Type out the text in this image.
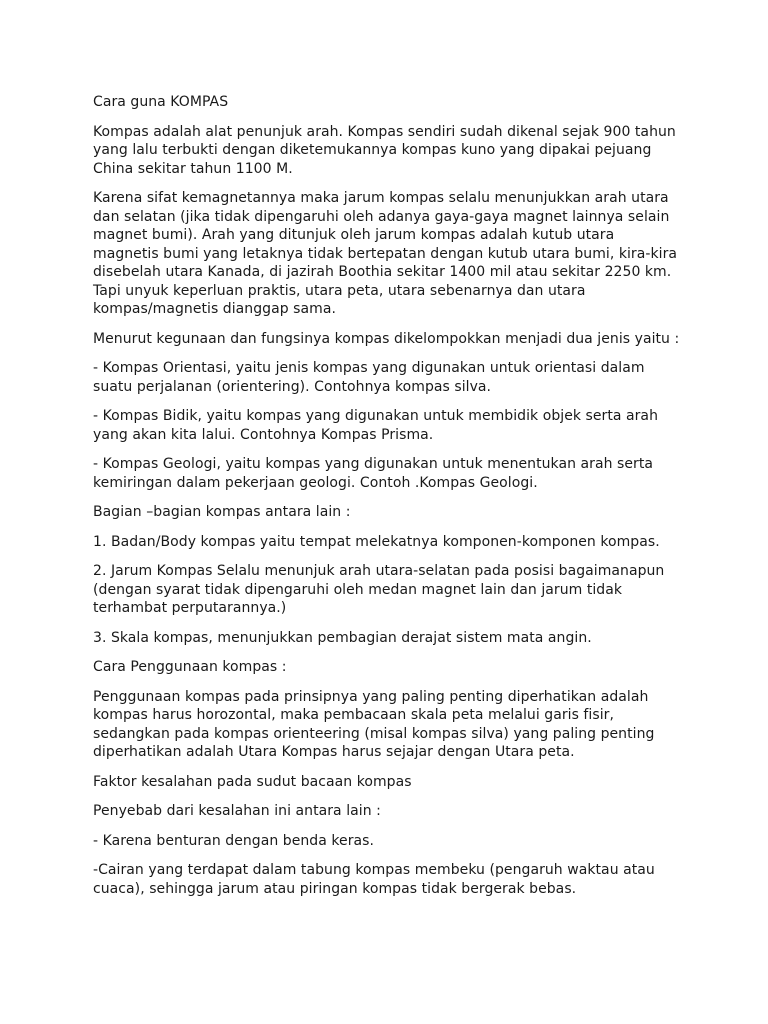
Cara guna KOMPAS

Kompas adalah alat penunjuk arah. Kompas sendiri sudah dikenal sejak 900 tahun yang lalu terbukti dengan diketemukannya kompas kuno yang dipakai pejuang China sekitar tahun 1100 M.

Karena sifat kemagnetannya maka jarum kompas selalu menunjukkan arah utara dan selatan (jika tidak dipengaruhi oleh adanya gaya-gaya magnet lainnya selain magnet bumi). Arah yang ditunjuk oleh jarum kompas adalah kutub utara magnetis bumi yang letaknya tidak bertepatan dengan kutub utara bumi, kira-kira disebelah utara Kanada, di jazirah Boothia sekitar 1400 mil atau sekitar 2250 km. Tapi unyuk keperluan praktis, utara peta, utara sebenarnya dan utara kompas/magnetis dianggap sama.

Menurut kegunaan dan fungsinya kompas dikelompokkan menjadi dua jenis yaitu :

- Kompas Orientasi, yaitu jenis kompas yang digunakan untuk orientasi dalam suatu perjalanan (orientering). Contohnya kompas silva.

- Kompas Bidik, yaitu kompas yang digunakan untuk membidik objek serta arah yang akan kita lalui. Contohnya Kompas Prisma.

- Kompas Geologi, yaitu kompas yang digunakan untuk menentukan arah serta kemiringan dalam pekerjaan geologi. Contoh .Kompas Geologi.

Bagian –bagian kompas antara lain :

1. Badan/Body kompas yaitu tempat melekatnya komponen-komponen kompas.

2. Jarum Kompas Selalu menunjuk arah utara-selatan pada posisi bagaimanapun (dengan syarat tidak dipengaruhi oleh medan magnet lain dan jarum tidak terhambat perputarannya.)

3. Skala kompas, menunjukkan pembagian derajat sistem mata angin.

Cara Penggunaan kompas :

Penggunaan kompas pada prinsipnya yang paling penting diperhatikan adalah kompas harus horozontal, maka pembacaan skala peta melalui garis fisir, sedangkan pada kompas orienteering (misal kompas silva) yang paling penting diperhatikan adalah Utara Kompas harus sejajar dengan Utara peta.

Faktor kesalahan pada sudut bacaan kompas

Penyebab dari kesalahan ini antara lain :

- Karena benturan dengan benda keras.

-Cairan yang terdapat dalam tabung kompas membeku (pengaruh waktau atau cuaca), sehingga jarum atau piringan kompas tidak bergerak bebas.
